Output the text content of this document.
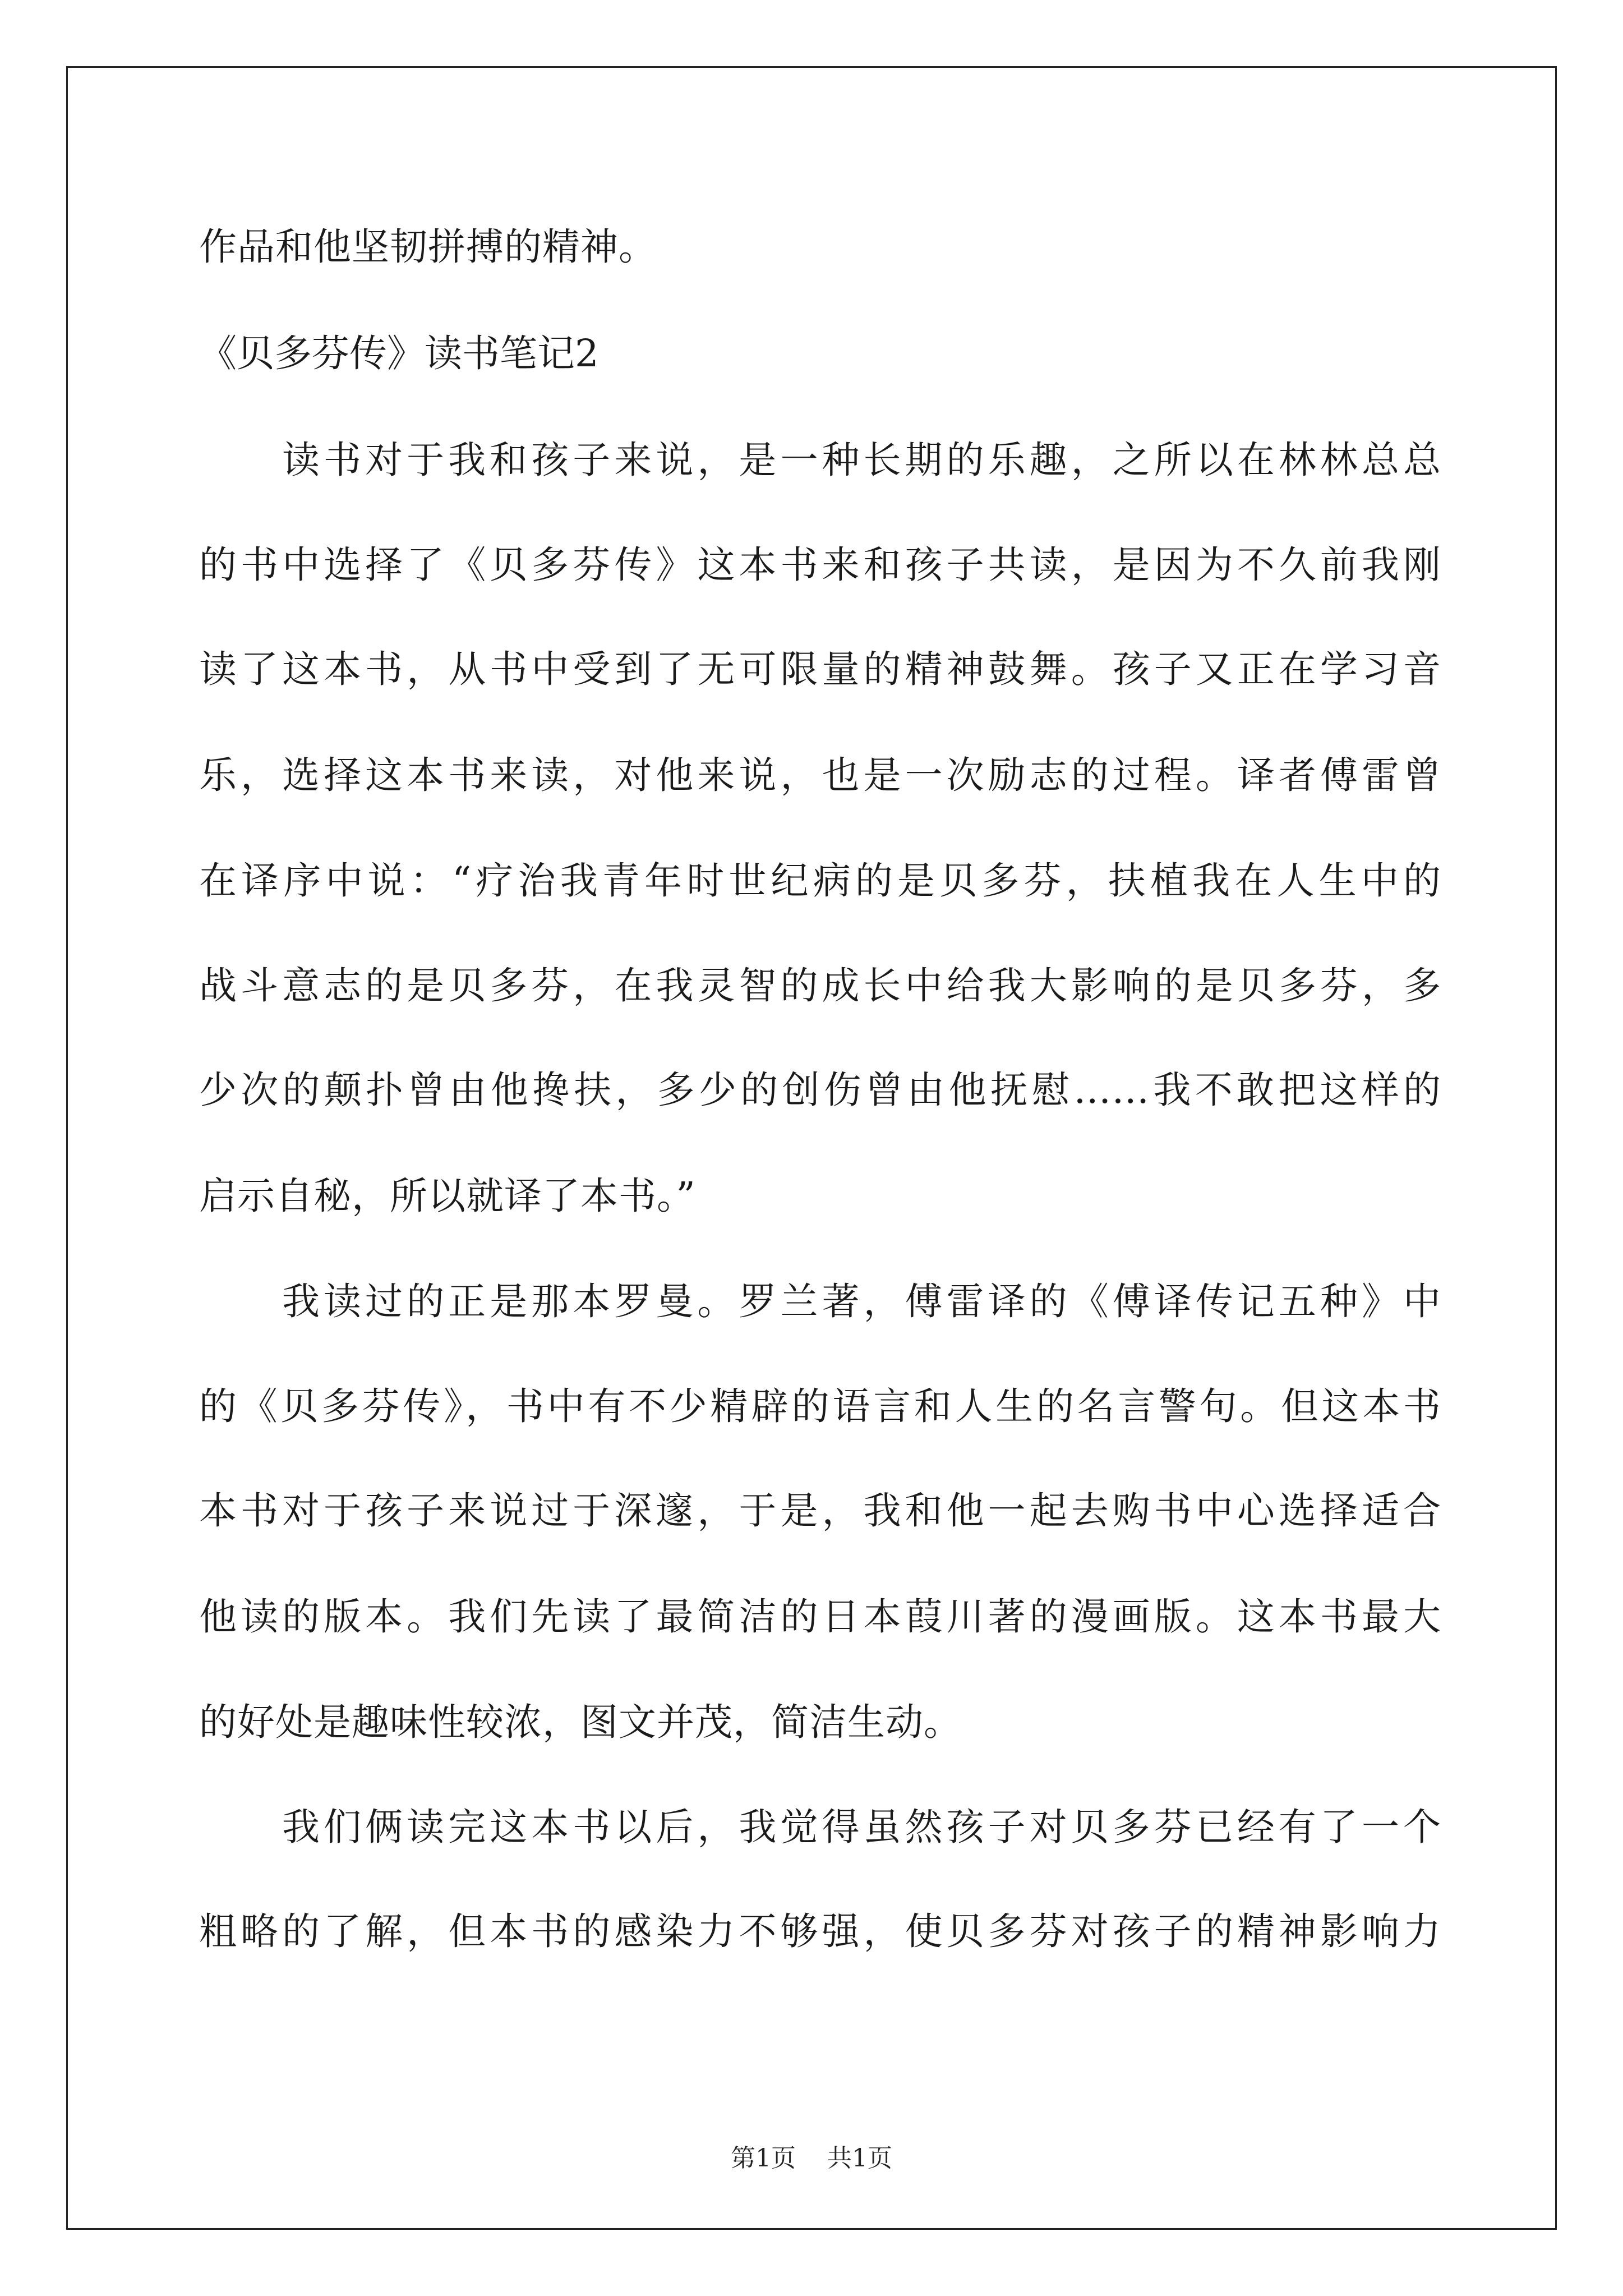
作品和他坚韧拼搏的精神。
《贝多芬传》读书笔记2
读书对于我和孩子来说，是一种长期的乐趣，之所以在林林总总
的书中选择了《贝多芬传》这本书来和孩子共读，是因为不久前我刚
读了这本书，从书中受到了无可限量的精神鼓舞。孩子又正在学习音
乐，选择这本书来读，对他来说，也是一次励志的过程。译者傅雷曾
在译序中说：“疗治我青年时世纪病的是贝多芬，扶植我在人生中的
战斗意志的是贝多芬，在我灵智的成长中给我大影响的是贝多芬，多
少次的颠扑曾由他搀扶，多少的创伤曾由他抚慰……我不敢把这样的
启示自秘，所以就译了本书。”
我读过的正是那本罗曼。罗兰著，傅雷译的《傅译传记五种》中
的《贝多芬传》，书中有不少精辟的语言和人生的名言警句。但这本书
本书对于孩子来说过于深邃，于是，我和他一起去购书中心选择适合
他读的版本。我们先读了最简洁的日本葭川著的漫画版。这本书最大
的好处是趣味性较浓，图文并茂，简洁生动。
我们俩读完这本书以后，我觉得虽然孩子对贝多芬已经有了一个
粗略的了解，但本书的感染力不够强，使贝多芬对孩子的精神影响力
第1页    共1页
